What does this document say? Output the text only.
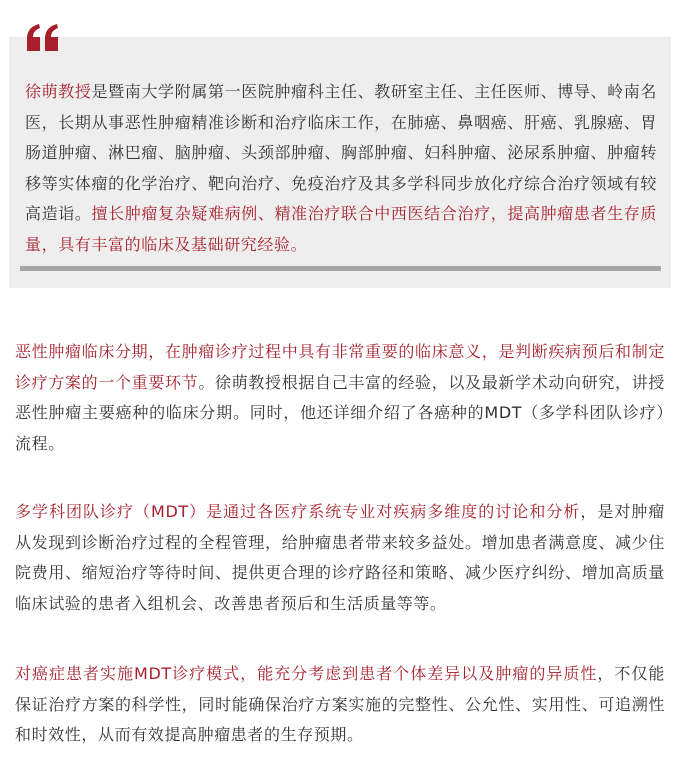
徐萌教授是暨南大学附属第一医院肿瘤科主任、教研室主任、主任医师、博导、岭南名医，长期从事恶性肿瘤精准诊断和治疗临床工作，在肺癌、鼻咽癌、肝癌、乳腺癌、胃肠道肿瘤、淋巴瘤、脑肿瘤、头颈部肿瘤、胸部肿瘤、妇科肿瘤、泌尿系肿瘤、肿瘤转移等实体瘤的化学治疗、靶向治疗、免疫治疗及其多学科同步放化疗综合治疗领域有较高造诣。擅长肿瘤复杂疑难病例、精准治疗联合中西医结合治疗，提高肿瘤患者生存质量，具有丰富的临床及基础研究经验。

恶性肿瘤临床分期，在肿瘤诊疗过程中具有非常重要的临床意义，是判断疾病预后和制定诊疗方案的一个重要环节。徐萌教授根据自己丰富的经验，以及最新学术动向研究，讲授恶性肿瘤主要癌种的临床分期。同时，他还详细介绍了各癌种的MDT（多学科团队诊疗）流程。

多学科团队诊疗（MDT）是通过各医疗系统专业对疾病多维度的讨论和分析，是对肿瘤从发现到诊断治疗过程的全程管理，给肿瘤患者带来较多益处。增加患者满意度、减少住院费用、缩短治疗等待时间、提供更合理的诊疗路径和策略、减少医疗纠纷、增加高质量临床试验的患者入组机会、改善患者预后和生活质量等等。

对癌症患者实施MDT诊疗模式，能充分考虑到患者个体差异以及肿瘤的异质性，不仅能保证治疗方案的科学性，同时能确保治疗方案实施的完整性、公允性、实用性、可追溯性和时效性，从而有效提高肿瘤患者的生存预期。
